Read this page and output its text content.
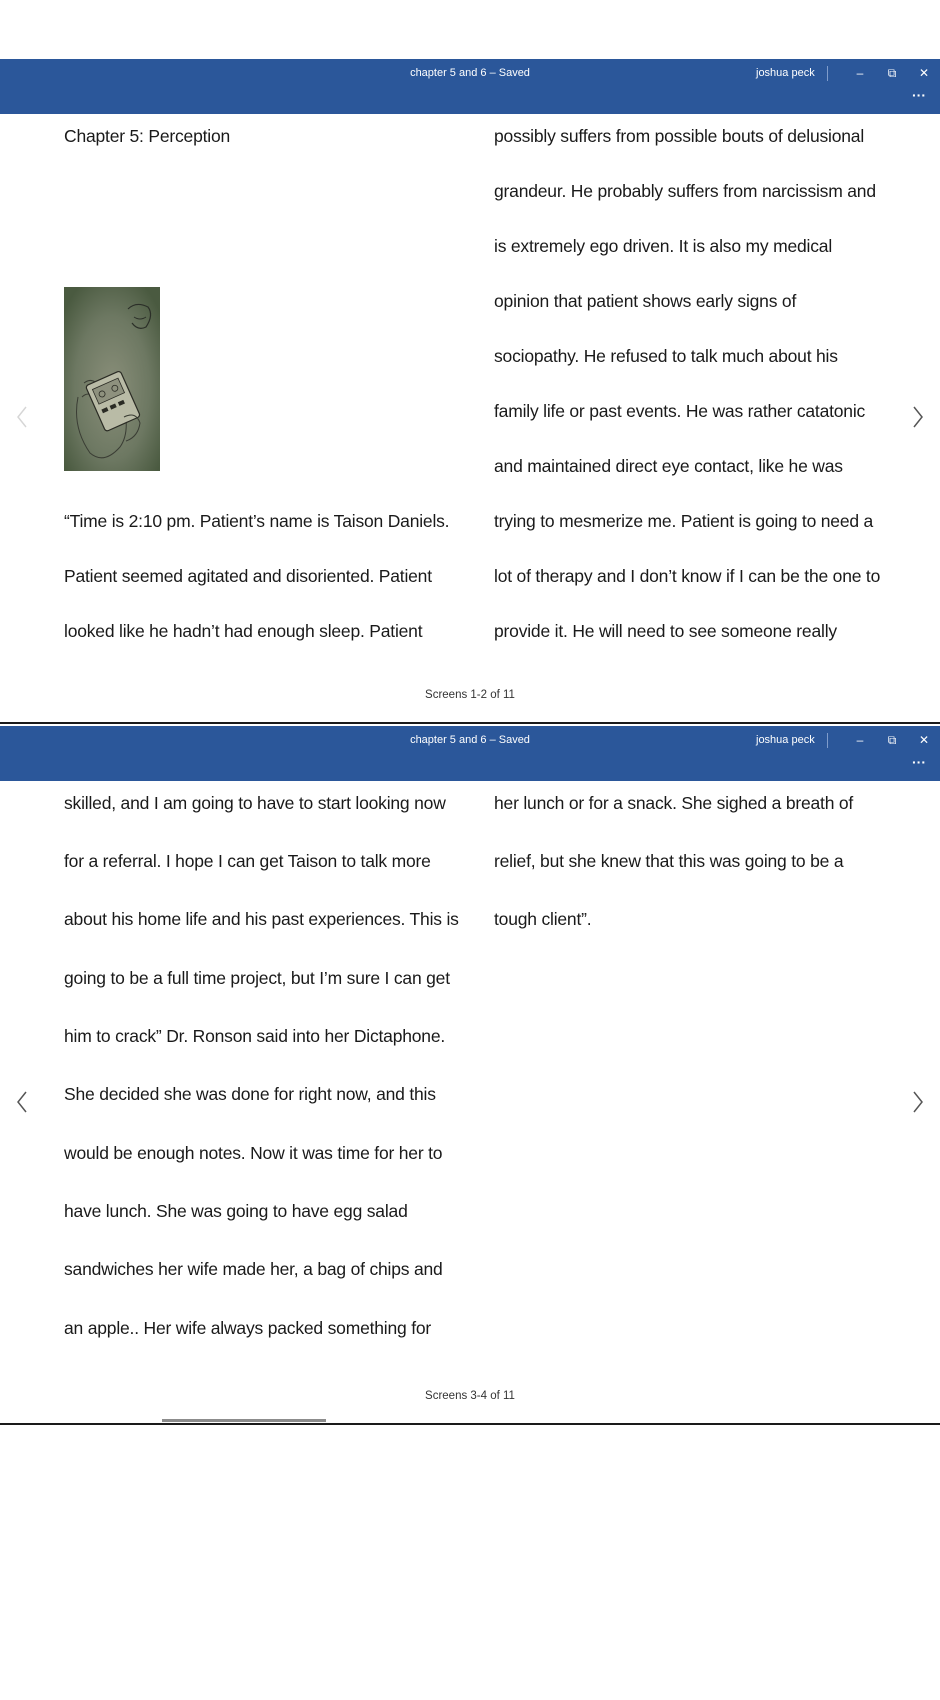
chapter 5 and 6 – Saved	joshua peck	–	⧉	✕
···
Chapter 5: Perception
“Time is 2:10 pm. Patient’s name is Taison Daniels.
Patient seemed agitated and disoriented. Patient
looked like he hadn’t had enough sleep. Patient
possibly suffers from possible bouts of delusional
grandeur. He probably suffers from narcissism and
is extremely ego driven. It is also my medical
opinion that patient shows early signs of
sociopathy. He refused to talk much about his
family life or past events. He was rather catatonic
and maintained direct eye contact, like he was
trying to mesmerize me. Patient is going to need a
lot of therapy and I don’t know if I can be the one to
provide it. He will need to see someone really
Screens 1-2 of 11
chapter 5 and 6 – Saved	joshua peck	–	⧉	✕
···
skilled, and I am going to have to start looking now
for a referral. I hope I can get Taison to talk more
about his home life and his past experiences. This is
going to be a full time project, but I’m sure I can get
him to crack” Dr. Ronson said into her Dictaphone.
She decided she was done for right now, and this
would be enough notes. Now it was time for her to
have lunch. She was going to have egg salad
sandwiches her wife made her, a bag of chips and
an apple.. Her wife always packed something for
her lunch or for a snack. She sighed a breath of
relief, but she knew that this was going to be a
tough client”.
Screens 3-4 of 11
